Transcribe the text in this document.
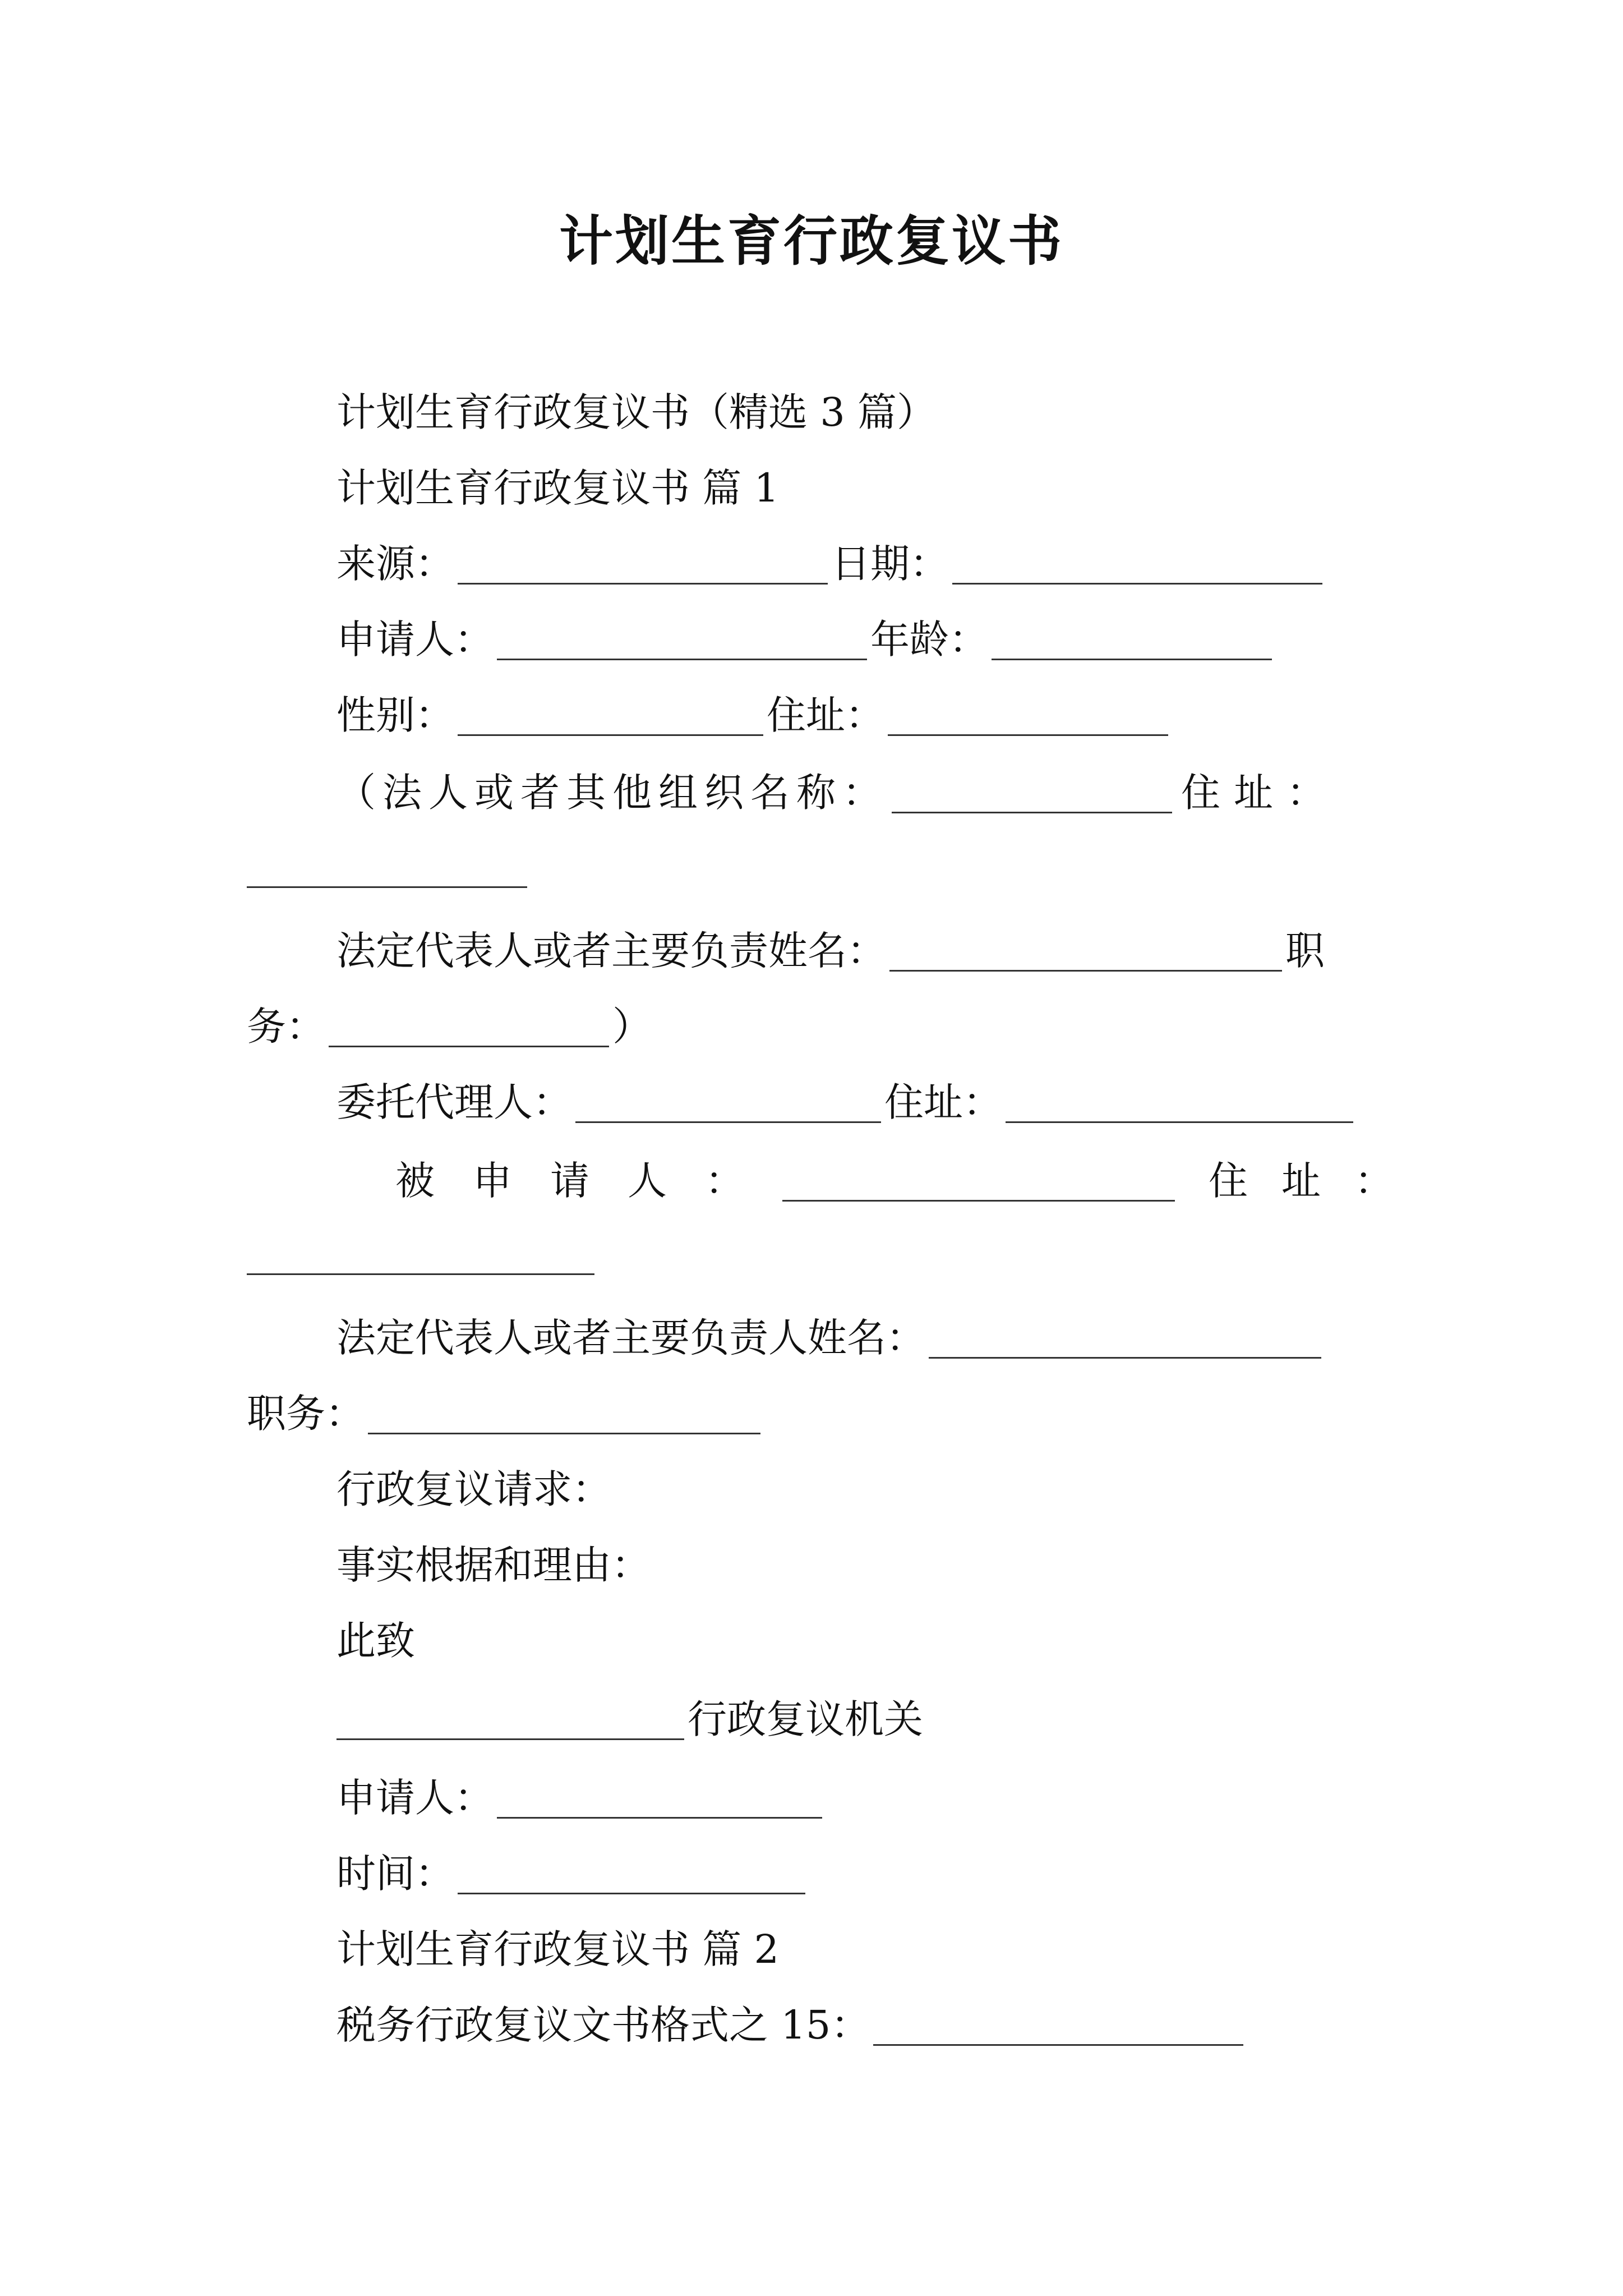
计划生育行政复议书
计划生育行政复议书（精选 3 篇）
计划生育行政复议书 篇 1
来源：	日期：
申请人：	年龄：
性别：	住址：
（法人或者其他组织名称：	住址：
法定代表人或者主要负责姓名：	职
务：	）
委托代理人：	住址：
被申请人：	住址：
法定代表人或者主要负责人姓名：
职务：
行政复议请求：
事实根据和理由：
此致
行政复议机关
申请人：
时间：
计划生育行政复议书 篇 2
税务行政复议文书格式之 15：
